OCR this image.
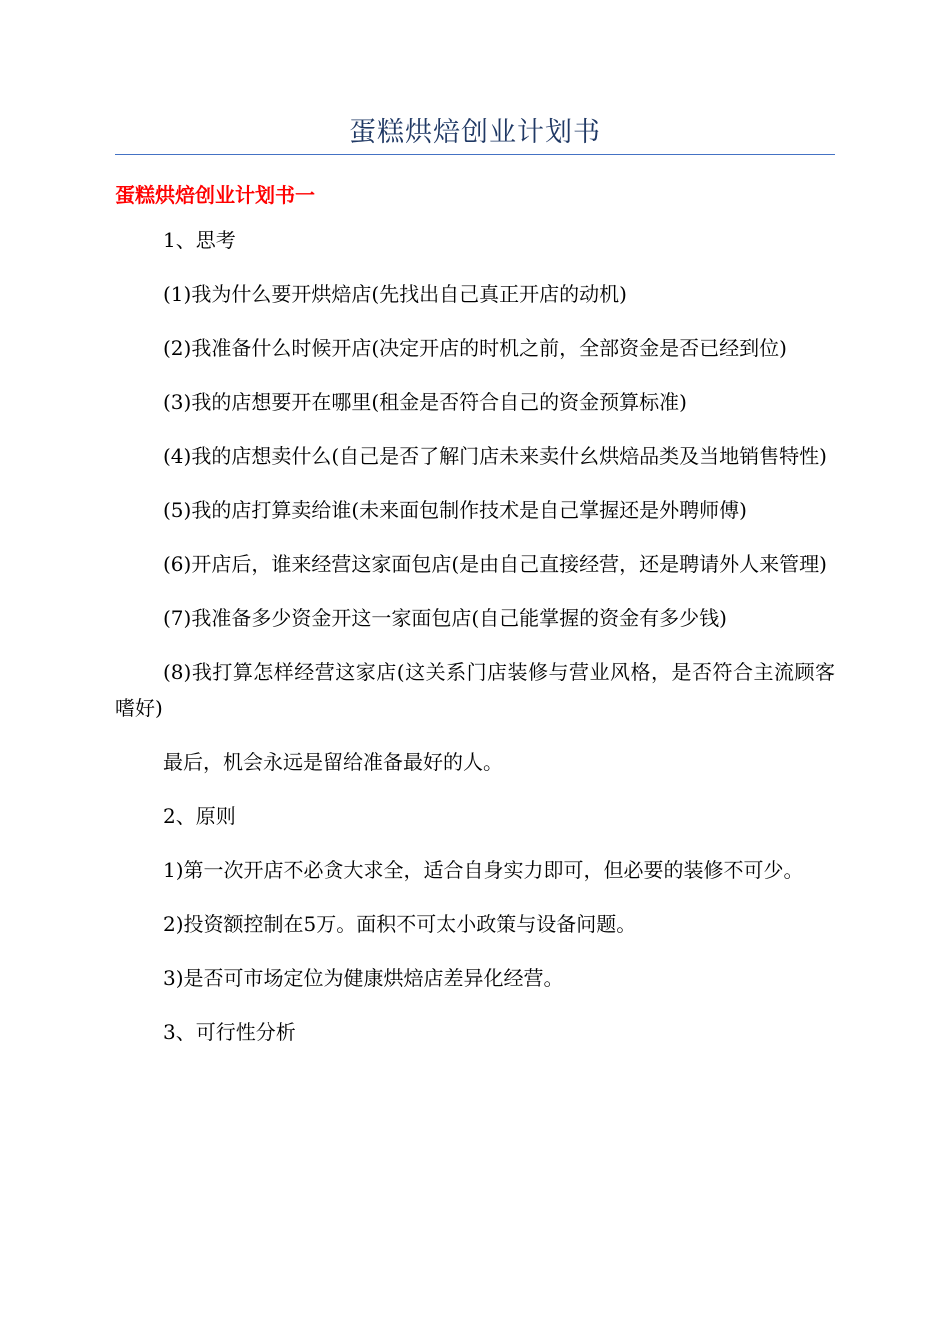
蛋糕烘焙创业计划书
蛋糕烘焙创业计划书一

1、思考

(1)我为什么要开烘焙店(先找出自己真正开店的动机)

(2)我准备什么时候开店(决定开店的时机之前，全部资金是否已经到位)

(3)我的店想要开在哪里(租金是否符合自己的资金预算标准)

(4)我的店想卖什么(自己是否了解门店未来卖什幺烘焙品类及当地销售特性)

(5)我的店打算卖给谁(未来面包制作技术是自己掌握还是外聘师傅)

(6)开店后，谁来经营这家面包店(是由自己直接经营，还是聘请外人来管理)

(7)我准备多少资金开这一家面包店(自己能掌握的资金有多少钱)

(8)我打算怎样经营这家店(这关系门店装修与营业风格，是否符合主流顾客嗜好)

最后，机会永远是留给准备最好的人。

2、原则

1)第一次开店不必贪大求全，适合自身实力即可，但必要的装修不可少。

2)投资额控制在5万。面积不可太小政策与设备问题。

3)是否可市场定位为健康烘焙店差异化经营。

3、可行性分析
